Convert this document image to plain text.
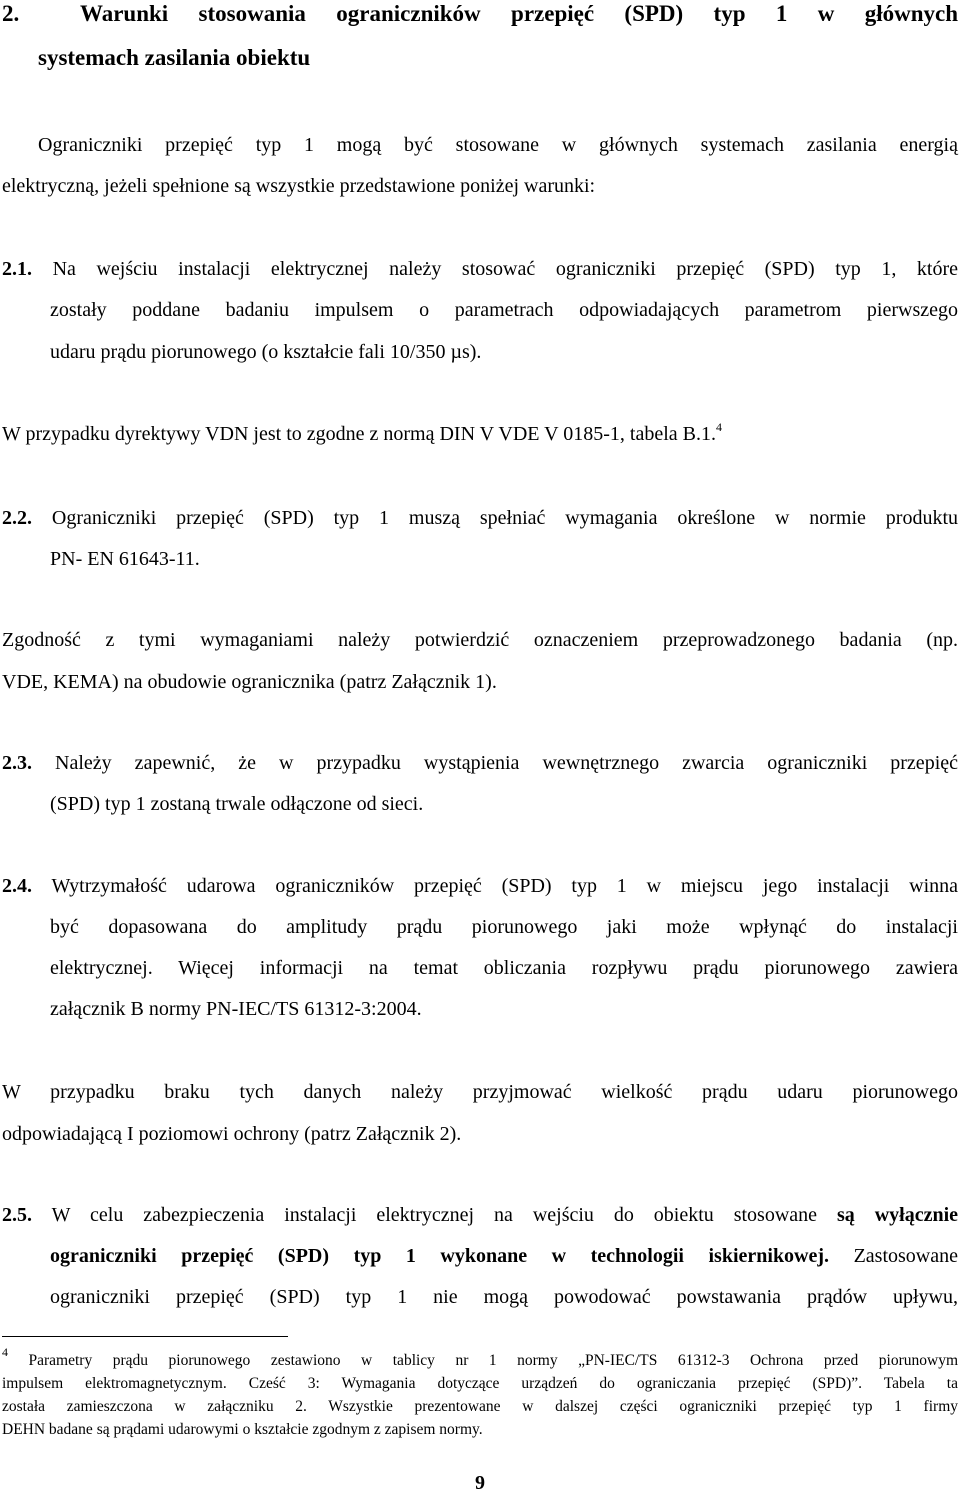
2.	Warunki stosowania ograniczników przepięć (SPD) typ 1 w głównych
systemach zasilania obiektu
Ograniczniki przepięć typ 1 mogą być stosowane w głównych systemach zasilania energią
elektryczną, jeżeli spełnione są wszystkie przedstawione poniżej warunki:
2.1. Na wejściu instalacji elektrycznej należy stosować ograniczniki przepięć (SPD) typ 1, które
zostały poddane badaniu impulsem o parametrach odpowiadających parametrom pierwszego
udaru prądu piorunowego (o kształcie fali 10/350 µs).
W przypadku dyrektywy VDN jest to zgodne z normą DIN V VDE V 0185-1, tabela B.1.$^4$
2.2. Ograniczniki przepięć (SPD) typ 1 muszą spełniać wymagania określone w normie produktu
PN- EN 61643-11.
Zgodność z tymi wymaganiami należy potwierdzić oznaczeniem przeprowadzonego badania (np.
VDE, KEMA) na obudowie ogranicznika (patrz Załącznik 1).
2.3. Należy zapewnić, że w przypadku wystąpienia wewnętrznego zwarcia ograniczniki przepięć
(SPD) typ 1 zostaną trwale odłączone od sieci.
2.4. Wytrzymałość udarowa ograniczników przepięć (SPD) typ 1 w miejscu jego instalacji winna
być dopasowana do amplitudy prądu piorunowego jaki może wpłynąć do instalacji
elektrycznej. Więcej informacji na temat obliczania rozpływu prądu piorunowego zawiera
załącznik B normy PN-IEC/TS 61312-3:2004.
W przypadku braku tych danych należy przyjmować wielkość prądu udaru piorunowego
odpowiadającą I poziomowi ochrony (patrz Załącznik 2).
2.5. W celu zabezpieczenia instalacji elektrycznej na wejściu do obiektu stosowane są wyłącznie
ograniczniki przepięć (SPD) typ 1 wykonane w technologii iskiernikowej. Zastosowane
ograniczniki przepięć (SPD) typ 1 nie mogą powodować powstawania prądów upływu,
$^4$ Parametry prądu piorunowego zestawiono w tablicy nr 1 normy „PN-IEC/TS 61312-3 Ochrona przed piorunowym
impulsem elektromagnetycznym. Cześć 3: Wymagania dotyczące urządzeń do ograniczania przepięć (SPD)”. Tabela ta
została zamieszczona w załączniku 2. Wszystkie prezentowane w dalszej części ograniczniki przepięć typ 1 firmy
DEHN badane są prądami udarowymi o kształcie zgodnym z zapisem normy.
9
